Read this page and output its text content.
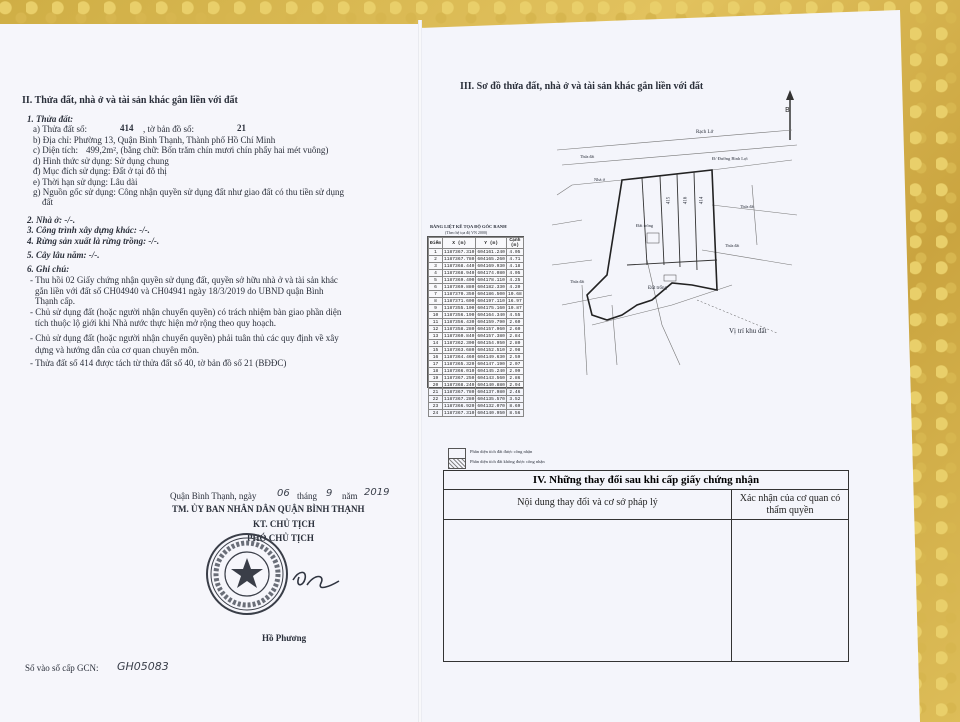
II. Thửa đất, nhà ở và tài sản khác gắn liền với đất
1. Thửa đất:
a) Thửa đất số:	414 , tờ bản đồ số:	21
b) Địa chỉ: Phường 13, Quận Bình Thạnh, Thành phố Hồ Chí Minh
c) Diện tích: 499,2m², (bằng chữ: Bốn trăm chín mươi chín phẩy hai mét vuông)
d) Hình thức sử dụng: Sử dụng chung
đ) Mục đích sử dụng: Đất ở tại đô thị
e) Thời hạn sử dụng: Lâu dài
g) Nguồn gốc sử dụng: Công nhận quyền sử dụng đất như giao đất có thu tiền sử dụng
đất
2. Nhà ở: -/-.
3. Công trình xây dựng khác: -/-.
4. Rừng sản xuất là rừng trồng: -/-.
5. Cây lâu năm: -/-.
6. Ghi chú:
- Thu hồi 02 Giấy chứng nhận quyền sử dụng đất, quyền sở hữu nhà ở và tài sản khác
gắn liền với đất số CH04940 và CH04941 ngày 18/3/2019 do UBND quận Bình
Thạnh cấp.
- Chủ sử dụng đất (hoặc người nhận chuyển quyền) có trách nhiệm bàn giao phần diện
tích thuộc lộ giới khi Nhà nước thực hiện mở rộng theo quy hoạch.
- Chủ sử dụng đất (hoặc người nhận chuyển quyền) phải tuân thủ các quy định về xây
dựng và hướng dẫn của cơ quan chuyên môn.
- Thửa đất số 414 được tách từ thửa đất số 40, tờ bản đồ số 21 (BĐĐC)
Quận Bình Thạnh, ngày 06 tháng 9 năm 2019
TM. ỦY BAN NHÂN DÂN QUẬN BÌNH THẠNH
KT. CHỦ TỊCH
PHÓ CHỦ TỊCH
Hồ Phương
Số vào sổ cấp GCN: GH05083
III. Sơ đồ thửa đất, nhà ở và tài sản khác gắn liền với đất
B
BẢNG LIỆT KÊ TỌA ĐỘ GÓC RANH
(Theo hệ tọa độ VN 2000)
Điểm	X (m)	Y (m)	Cạnh (m)
1	1187367.310	604161.240	4.05
2	1187367.780	604165.260	4.71
3	1187368.440	604169.930	4.18
4	1187368.940	604174.080	4.05
5	1187369.400	604178.110	4.25
6	1187369.880	604182.330	4.20
7	1187370.350	604186.500	10.68
8	1187371.600	604197.110	16.97
9	1187355.100	604175.160	10.87
10	1187356.190	604164.340	4.55
11	1187356.430	604159.790	2.60
12	1187358.280	604157.960	2.60
13	1187360.840	604157.380	2.84
14	1187362.300	604154.950	2.80
15	1187363.680	604152.510	2.98
16	1187364.460	604149.630	2.59
17	1187365.320	604147.190	2.07
18	1187366.010	604145.240	2.09
19	1187367.250	604143.560	2.86
20	1187368.240	604140.880	2.94
21	1187367.780	604137.980	2.46
22	1187367.280	604135.570	3.52
23	1187366.920	604132.070	8.69
24	1187367.310	604140.950	8.56
Rạch Lở
Đ/ Đường Bình Lợi
Nhà ở
Đất trống
Đất trống
415 416 414
Thửa đất
Thửa đất
Thửa đất
Thửa đất
Vị trí khu đất
Phần diện tích đất được công nhận
Phần diện tích đất không được công nhận
IV. Những thay đổi sau khi cấp giấy chứng nhận
Nội dung thay đổi và cơ sở pháp lý	Xác nhận của cơ quan có thẩm quyền
